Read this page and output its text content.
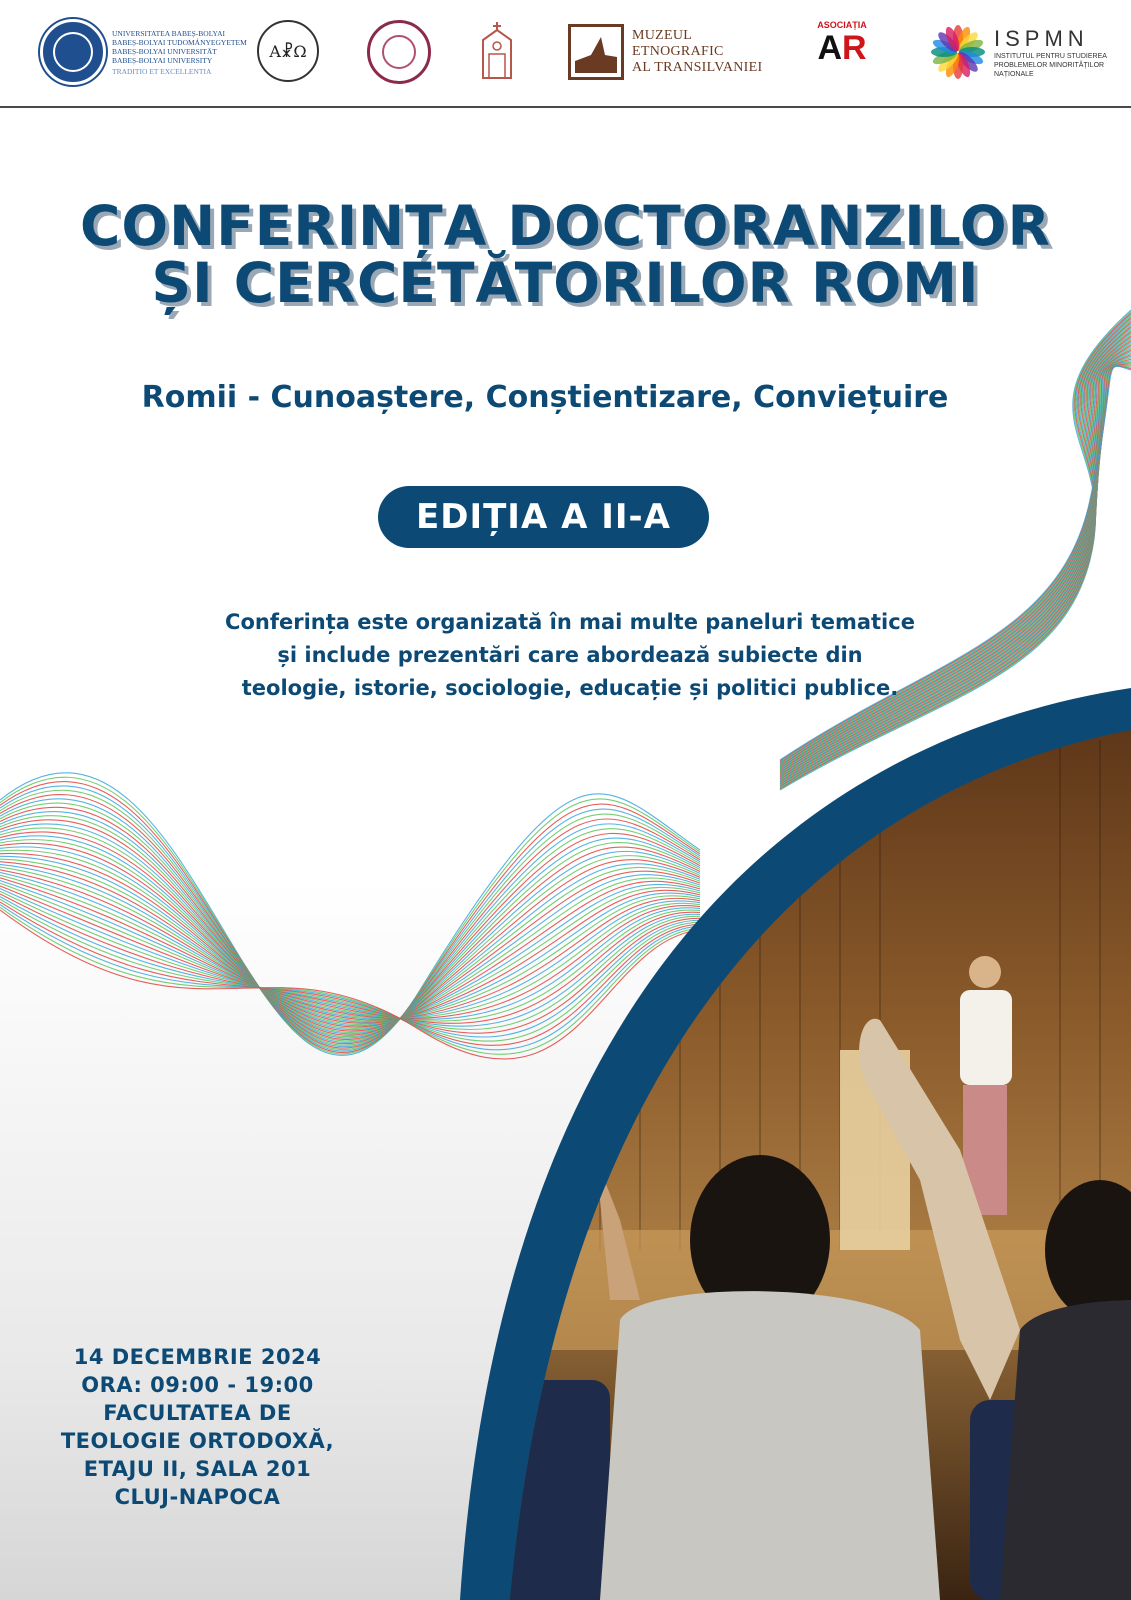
UNIVERSITATEA BABEȘ-BOLYAI
BABEȘ-BOLYAI TUDOMÁNYEGYETEM
BABEȘ-BOLYAI UNIVERSITÄT
BABEȘ-BOLYAI UNIVERSITY
TRADITIO ET EXCELLENTIA
A☧Ω
MUZEUL
ETNOGRAFIC
AL TRANSILVANIEI
ASOCIAȚIA
AR	ISPMN
INSTITUTUL PENTRU STUDIEREA
PROBLEMELOR MINORITĂȚILOR
NAȚIONALE
CONFERINȚA DOCTORANZILOR
ȘI CERCETĂTORILOR ROMI
Romii - Cunoaștere, Conștientizare, Conviețuire
EDIȚIA A II-A
Conferința este organizată în mai multe paneluri tematice
și include prezentări care abordează subiecte din
teologie, istorie, sociologie, educație și politici publice.
14 DECEMBRIE 2024
ORA: 09:00 - 19:00
FACULTATEA DE
TEOLOGIE ORTODOXĂ,
ETAJU II, SALA 201
CLUJ-NAPOCA
